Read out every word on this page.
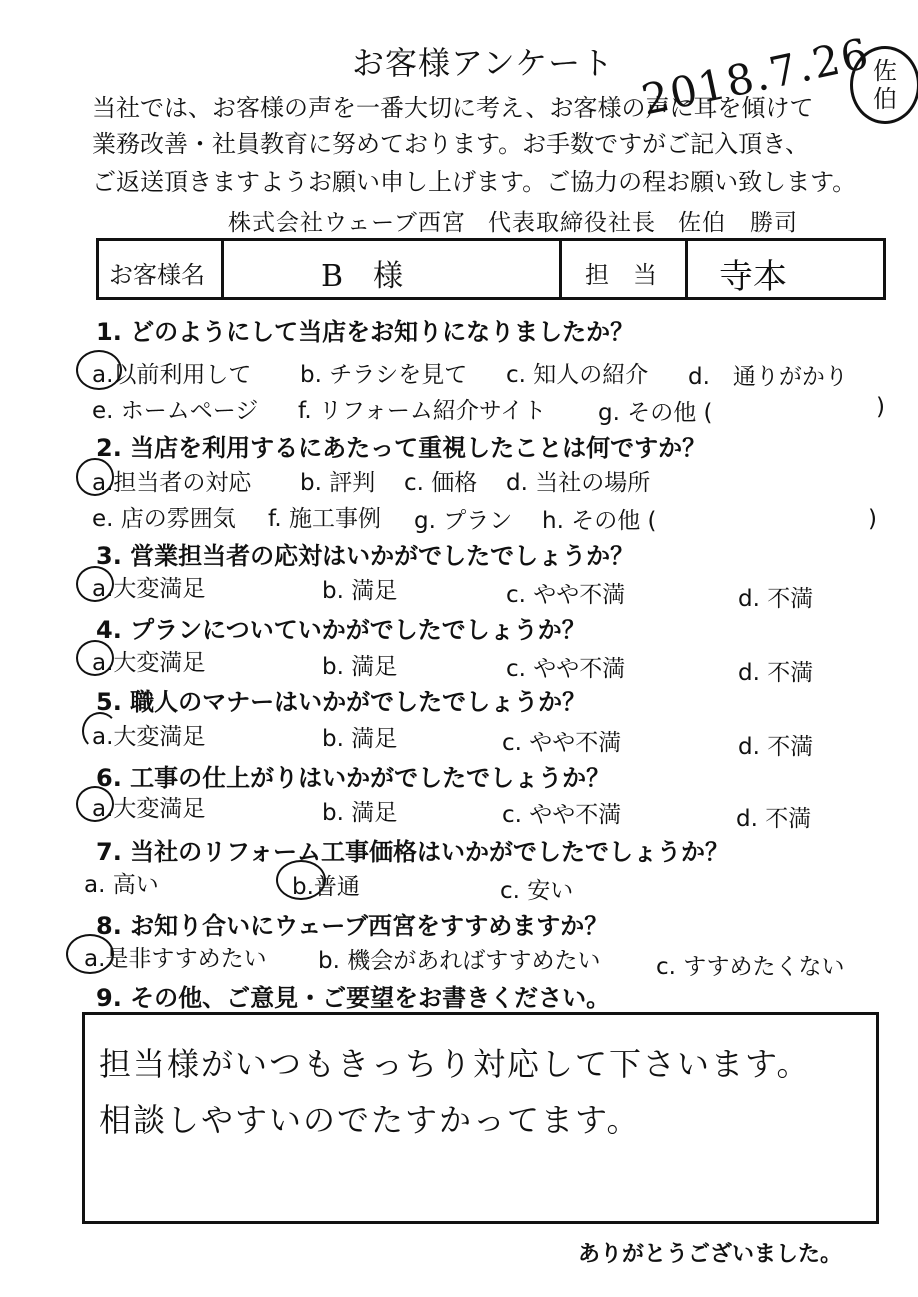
お客様アンケート 2018.7.26
佐
伯
当社では、お客様の声を一番大切に考え、お客様の声に耳を傾けて
業務改善・社員教育に努めております。お手数ですがご記入頂き、
ご返送頂きますようお願い申し上げます。ご協力の程お願い致します。
株式会社ウェーブ西宮 代表取締役社長 佐伯　勝司
お客様名	B　様	担　当 寺本
1. どのようにして当店をお知りになりましたか？
a.以前利用して b. チラシを見て c. 知人の紹介 d.　通りがかり
e. ホームページ f. リフォーム紹介サイト g. その他 (	)
2. 当店を利用するにあたって重視したことは何ですか？
a.担当者の対応 b. 評判 c. 価格 d. 当社の場所
e. 店の雰囲気 f. 施工事例 g. プラン h. その他 (	)
3. 営業担当者の応対はいかがでしたでしょうか？
a.大変満足	b. 満足	c. やや不満	d. 不満
4. プランについていかがでしたでしょうか？
a.大変満足	b. 満足	c. やや不満	d. 不満
5. 職人のマナーはいかがでしたでしょうか？
a.大変満足	b. 満足	c. やや不満	d. 不満
6. 工事の仕上がりはいかがでしたでしょうか？
a.大変満足	b. 満足	c. やや不満	d. 不満
7. 当社のリフォーム工事価格はいかがでしたでしょうか？
a. 高い	b.普通	c. 安い
8. お知り合いにウェーブ西宮をすすめますか？
a.是非すすめたい b. 機会があればすすめたい c. すすめたくない
9. その他、ご意見・ご要望をお書きください。
担当様がいつもきっちり対応して下さいます。
相談しやすいのでたすかってます。
ありがとうございました。
